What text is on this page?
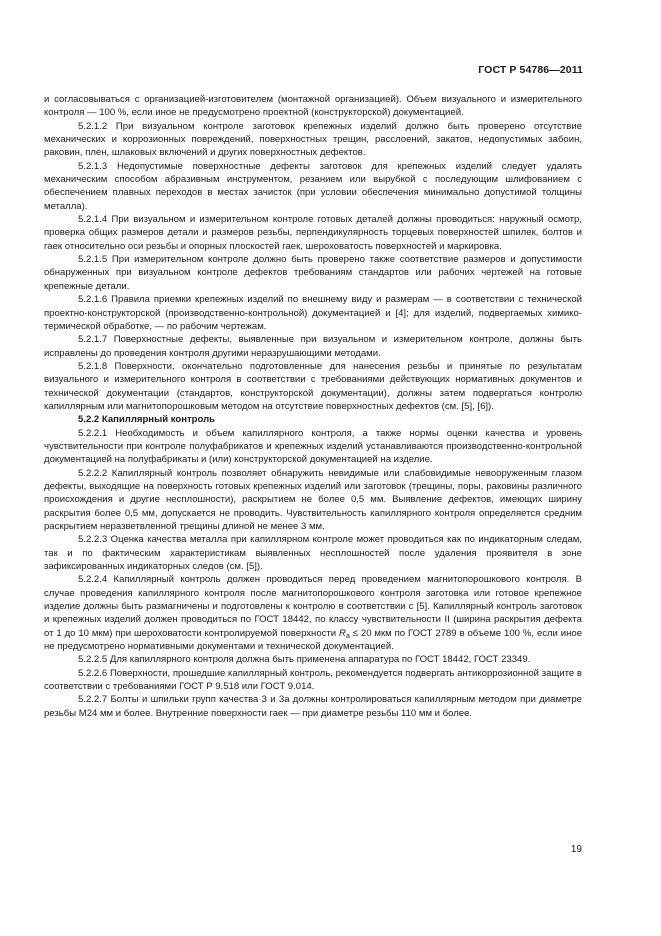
ГОСТ Р 54786—2011

и согласовываться с организацией-изготовителем (монтажной организацией). Объем визуального и измерительного контроля — 100 %, если иное не предусмотрено проектной (конструкторской) документацией.

5.2.1.2 При визуальном контроле заготовок крепежных изделий должно быть проверено отсутствие механических и коррозионных повреждений, поверхностных трещин, расслоений, закатов, недопустимых забоин, раковин, плен, шлаковых включений и других поверхностных дефектов.

5.2.1.3 Недопустимые поверхностные дефекты заготовок для крепежных изделий следует удалять механическим способом абразивным инструментом, резанием или вырубкой с последующим шлифованием с обеспечением плавных переходов в местах зачисток (при условии обеспечения минимально допустимой толщины металла).

5.2.1.4 При визуальном и измерительном контроле готовых деталей должны проводиться: наружный осмотр, проверка общих размеров детали и размеров резьбы, перпендикулярность торцевых поверхностей шпилек, болтов и гаек относительно оси резьбы и опорных плоскостей гаек, шероховатость поверхностей и маркировка.

5.2.1.5 При измерительном контроле должно быть проверено также соответствие размеров и допустимости обнаруженных при визуальном контроле дефектов требованиям стандартов или рабочих чертежей на готовые крепежные детали.

5.2.1.6 Правила приемки крепежных изделий по внешнему виду и размерам — в соответствии с технической проектно-конструкторской (производственно-контрольной) документацией и [4]; для изделий, подвергаемых химико-термической обработке, — по рабочим чертежам.

5.2.1.7 Поверхностные дефекты, выявленные при визуальном и измерительном контроле, должны быть исправлены до проведения контроля другими неразрушающими методами.

5.2.1.8 Поверхности, окончательно подготовленные для нанесения резьбы и принятые по результатам визуального и измерительного контроля в соответствии с требованиями действующих нормативных документов и технической документации (стандартов, конструкторской документации), должны затем подвергаться контролю капиллярным или магнитопорошковым методом на отсутствие поверхностных дефектов (см. [5], [6]).

5.2.2 Капиллярный контроль

5.2.2.1 Необходимость и объем капиллярного контроля, а также нормы оценки качества и уровень чувствительности при контроле полуфабрикатов и крепежных изделий устанавливаются производственно-контрольной документацией на полуфабрикаты и (или) конструкторской документацией на изделие.

5.2.2.2 Капиллярный контроль позволяет обнаружить невидимые или слабовидимые невооруженным глазом дефекты, выходящие на поверхность готовых крепежных изделий или заготовок (трещины, поры, раковины различного происхождения и другие несплошности), раскрытием не более 0,5 мм. Выявление дефектов, имеющих ширину раскрытия более 0,5 мм, допускается не проводить. Чувствительность капиллярного контроля определяется средним раскрытием неразветвленной трещины длиной не менее 3 мм.

5.2.2.3 Оценка качества металла при капиллярном контроле может проводиться как по индикаторным следам, так и по фактическим характеристикам выявленных несплошностей после удаления проявителя в зоне зафиксированных индикаторных следов (см. [5]).

5.2.2.4 Капиллярный контроль должен проводиться перед проведением магнитопорошкового контроля. В случае проведения капиллярного контроля после магнитопорошкового контроля заготовка или готовое крепежное изделие должны быть размагничены и подготовлены к контролю в соответствии с [5]. Капиллярный контроль заготовок и крепежных изделий должен проводиться по ГОСТ 18442, по классу чувствительности II (ширина раскрытия дефекта от 1 до 10 мкм) при шероховатости контролируемой поверхности $R_a \le 20$ мкм по ГОСТ 2789 в объеме 100 %, если иное не предусмотрено нормативными документами и технической документацией.

5.2.2.5 Для капиллярного контроля должна быть применена аппаратура по ГОСТ 18442, ГОСТ 23349.

5.2.2.6 Поверхности, прошедшие капиллярный контроль, рекомендуется подвергать антикоррозионной защите в соответствии с требованиями ГОСТ Р 9.518 или ГОСТ 9.014.

5.2.2.7 Болты и шпильки групп качества 3 и 3а должны контролироваться капиллярным методом при диаметре резьбы М24 мм и более. Внутренние поверхности гаек — при диаметре резьбы 110 мм и более.

19
